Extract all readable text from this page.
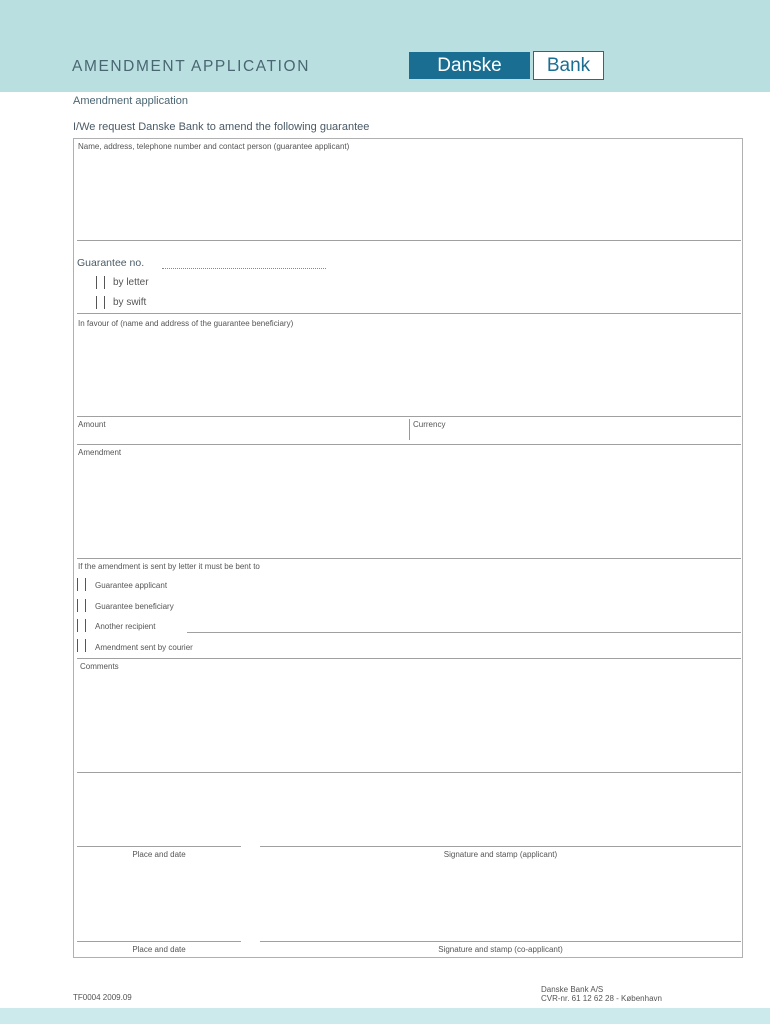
AMENDMENT APPLICATION	Danske	Bank
Amendment application
I/We request Danske Bank to amend the following guarantee
Name, address, telephone number and contact person (guarantee applicant)
Guarantee no.
by letter
by swift
In favour of (name and address of the guarantee beneficiary)
Amount	Currency
Amendment
If the amendment is sent by letter it must be bent to
Guarantee applicant
Guarantee beneficiary
Another recipient
Amendment sent by courier
Comments
Place and date	Signature and stamp (applicant)
Place and date	Signature and stamp (co-applicant)
TF0004 2009.09
Danske Bank A/S
CVR-nr. 61 12 62 28 - København
